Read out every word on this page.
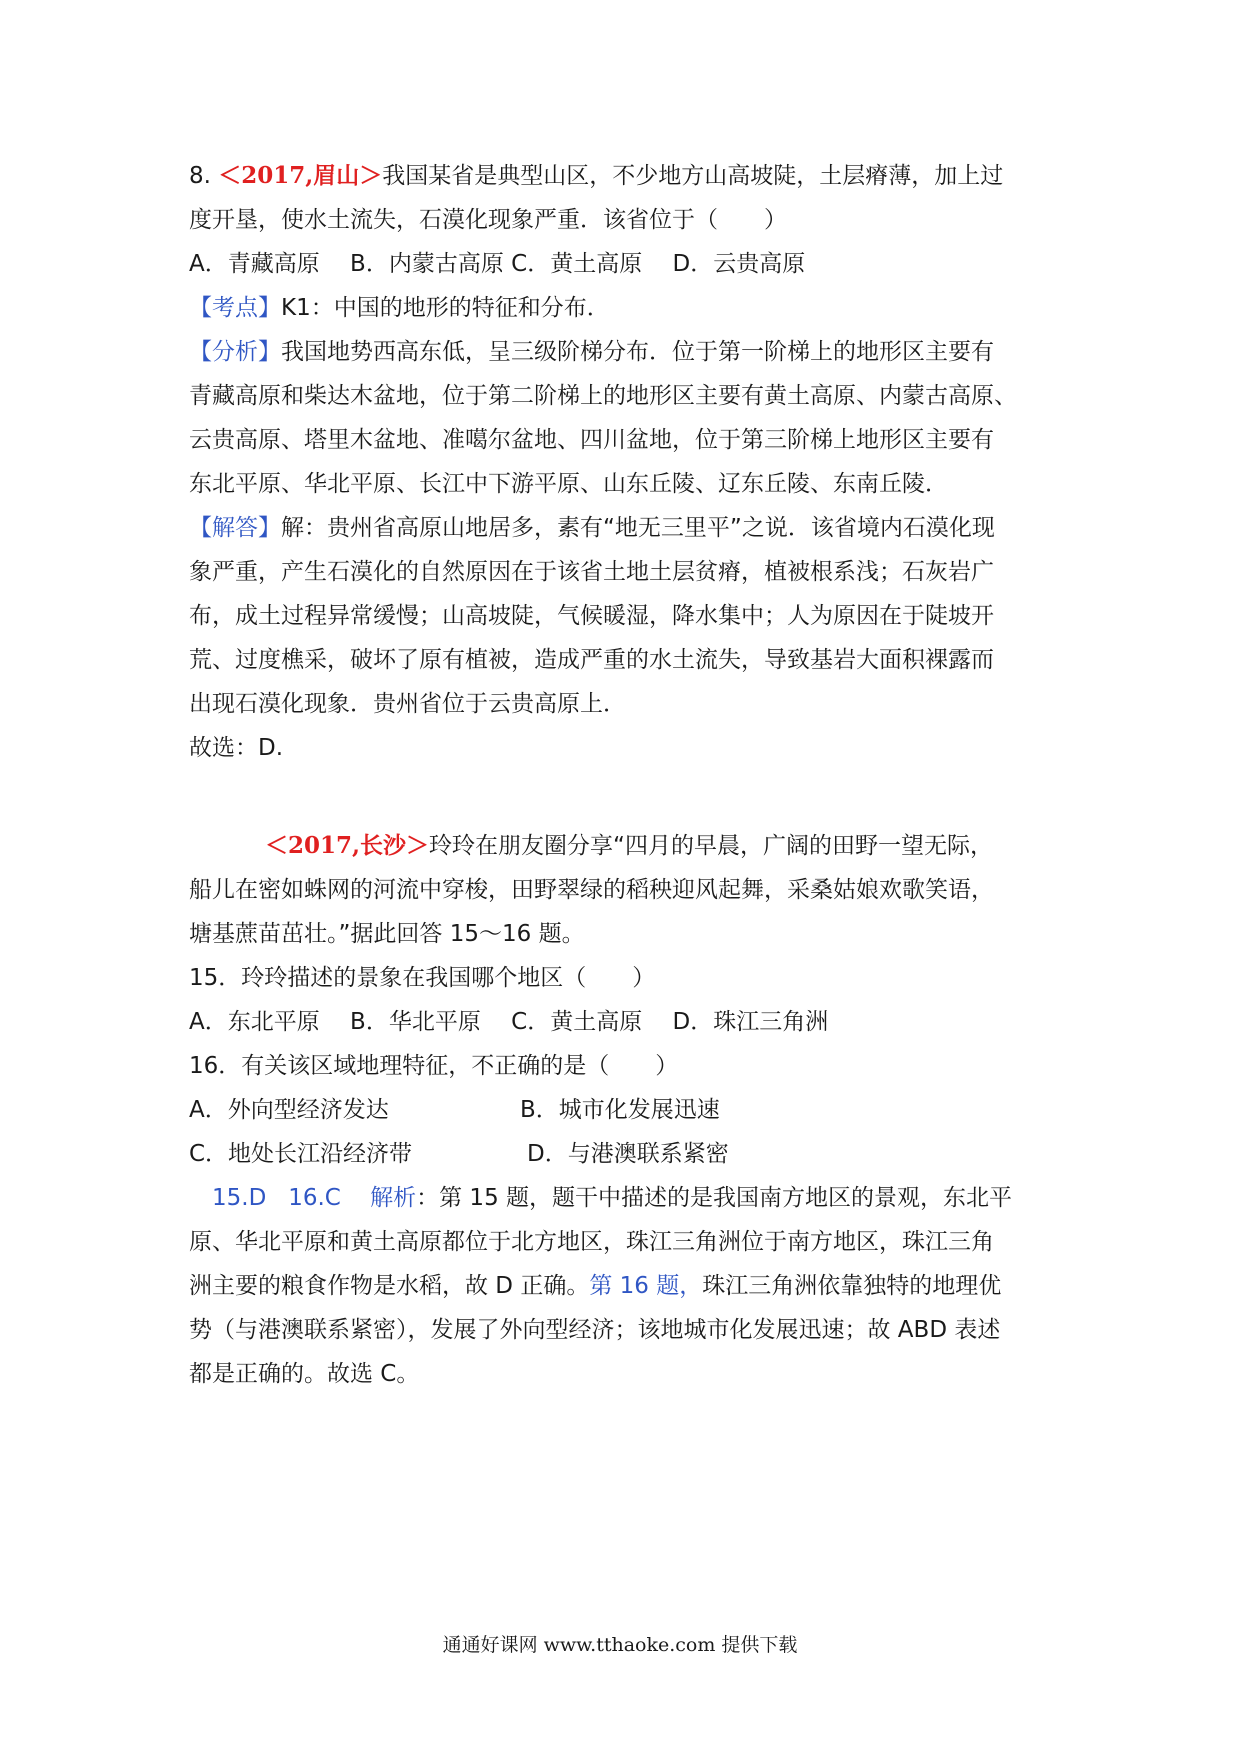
8. ＜2017,眉山＞我国某省是典型山区，不少地方山高坡陡，土层瘠薄，加上过
度开垦，使水土流失，石漠化现象严重．该省位于（　　）
A．青藏高原　 B．内蒙古高原 C．黄土高原　 D．云贵高原
【考点】K1：中国的地形的特征和分布．
【分析】我国地势西高东低，呈三级阶梯分布．位于第一阶梯上的地形区主要有
青藏高原和柴达木盆地，位于第二阶梯上的地形区主要有黄土高原、内蒙古高原、
云贵高原、塔里木盆地、准噶尔盆地、四川盆地，位于第三阶梯上地形区主要有
东北平原、华北平原、长江中下游平原、山东丘陵、辽东丘陵、东南丘陵．
【解答】解：贵州省高原山地居多，素有“地无三里平”之说．该省境内石漠化现
象严重，产生石漠化的自然原因在于该省土地土层贫瘠，植被根系浅；石灰岩广
布，成土过程异常缓慢；山高坡陡，气候暖湿，降水集中；人为原因在于陡坡开
荒、过度樵采，破坏了原有植被，造成严重的水土流失，导致基岩大面积裸露而
出现石漠化现象．贵州省位于云贵高原上．
故选：D.
＜2017,长沙＞玲玲在朋友圈分享“四月的早晨，广阔的田野一望无际，
船儿在密如蛛网的河流中穿梭，田野翠绿的稻秧迎风起舞，采桑姑娘欢歌笑语，
塘基蔗苗茁壮。”据此回答 15～16 题。
15．玲玲描述的景象在我国哪个地区（　　）
A．东北平原　 B．华北平原　 C．黄土高原　 D．珠江三角洲
16．有关该区域地理特征，不正确的是（　　）
A．外向型经济发达	B．城市化发展迅速
C．地处长江沿经济带	D．与港澳联系紧密
15.D 16.C 解析：第 15 题，题干中描述的是我国南方地区的景观，东北平
原、华北平原和黄土高原都位于北方地区，珠江三角洲位于南方地区，珠江三角
洲主要的粮食作物是水稻，故 D 正确。第 16 题，珠江三角洲依靠独特的地理优
势（与港澳联系紧密），发展了外向型经济；该地城市化发展迅速；故 ABD 表述
都是正确的。故选 C。
通通好课网 www.tthaoke.com 提供下载
